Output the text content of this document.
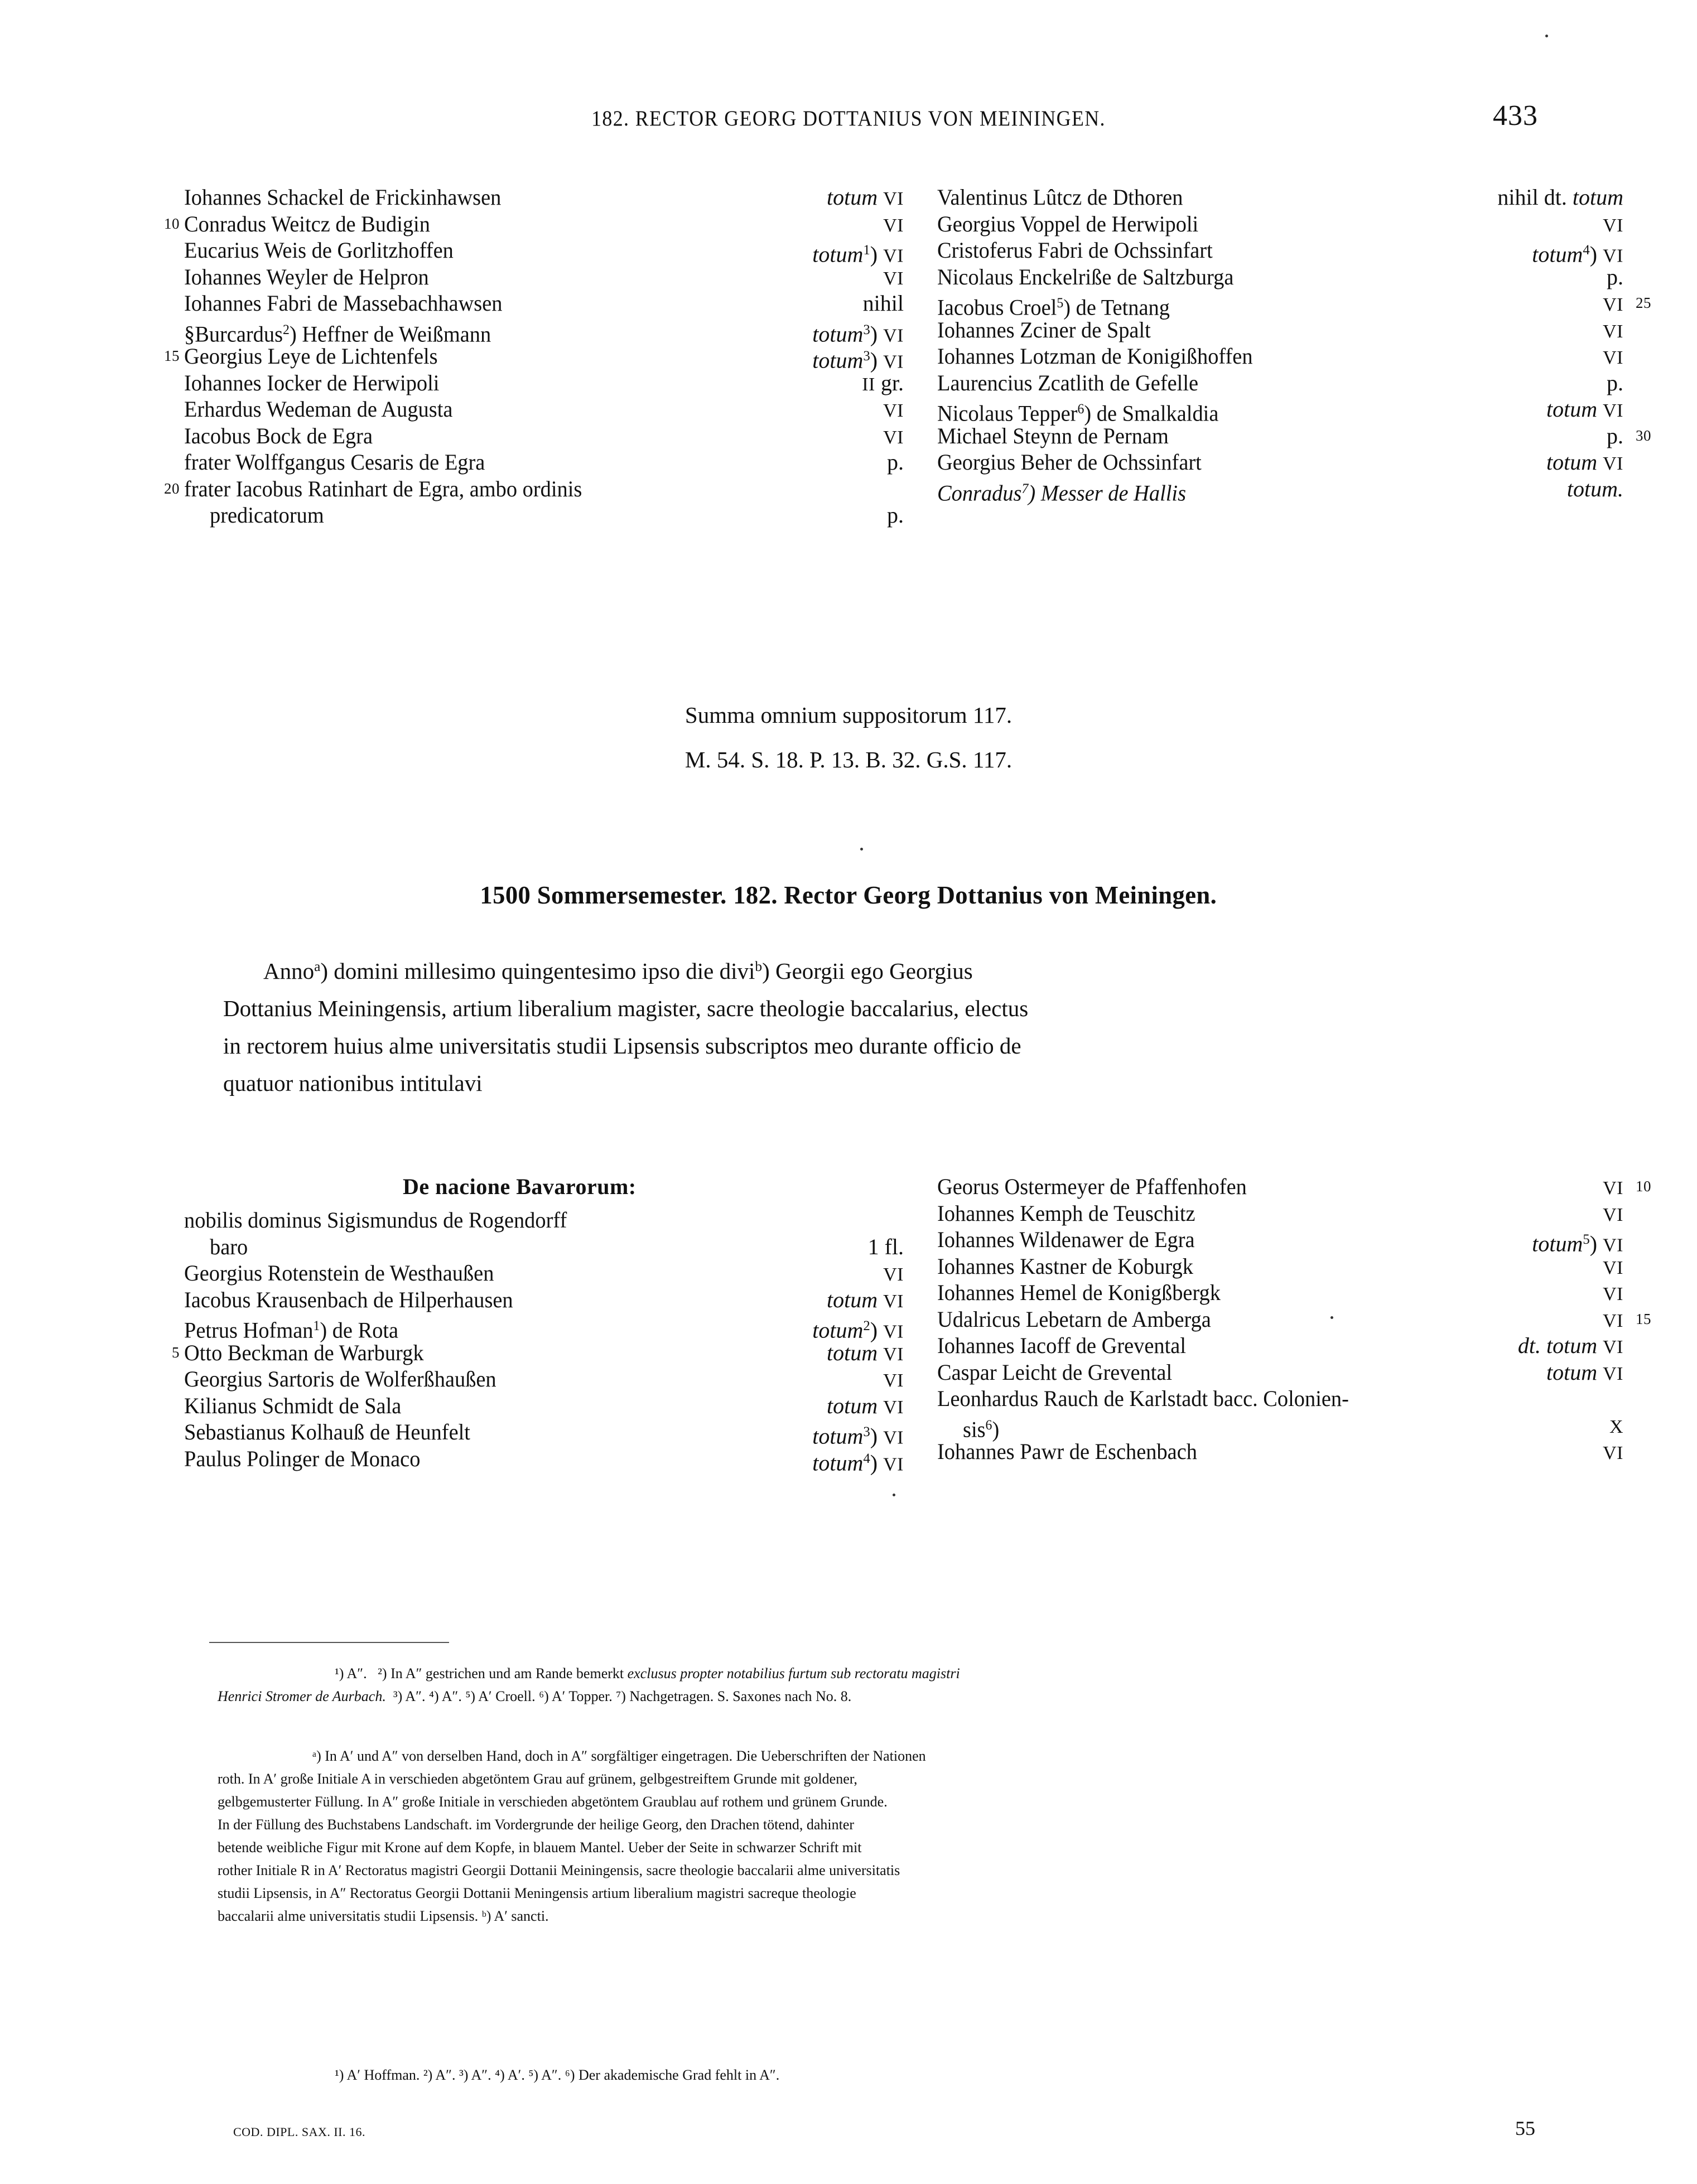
182. RECTOR GEORG DOTTANIUS VON MEININGEN.	433
Iohannes Schackel de Frickinhawsen	totum VI
10 Conradus Weitcz de Budigin	VI
Eucarius Weis de Gorlitzhoffen	totum$^1$) VI
Iohannes Weyler de Helpron	VI
Iohannes Fabri de Massebachhawsen	nihil
§Burcardus$^2$) Heffner de Weißmann	totum$^3$) VI
15 Georgius Leye de Lichtenfels	totum$^3$) VI
Iohannes Iocker de Herwipoli	II gr.
Erhardus Wedeman de Augusta	VI
Iacobus Bock de Egra	VI
frater Wolffgangus Cesaris de Egra	p.
20 frater Iacobus Ratinhart de Egra, ambo ordinis
predicatorum	p.
Valentinus Lûtcz de Dthoren	nihil dt. totum
Georgius Voppel de Herwipoli	VI
Cristoferus Fabri de Ochssinfart	totum$^4$) VI
Nicolaus Enckelriße de Saltzburga	p.
25
Iacobus Croel$^5$) de Tetnang	VI
Iohannes Zciner de Spalt	VI
Iohannes Lotzman de Konigißhoffen	VI
Laurencius Zcatlith de Gefelle	p.
Nicolaus Tepper$^6$) de Smalkaldia	totum VI
30
Michael Steynn de Pernam	p.
Georgius Beher de Ochssinfart	totum VI
Conradus$^7$) Messer de Hallis	totum.
Summa omnium suppositorum 117.
M. 54. S. 18. P. 13. B. 32. G.S. 117.
1500 Sommersemester. 182. Rector Georg Dottanius von Meiningen.
Anno$^a$) domini millesimo quingentesimo ipso die divi$^b$) Georgii ego Georgius
Dottanius Meiningensis, artium liberalium magister, sacre theologie baccalarius, electus
in rectorem huius alme universitatis studii Lipsensis subscriptos meo durante officio de
quatuor nationibus intitulavi
De nacione Bavarorum:
nobilis dominus Sigismundus de Rogendorff
baro	1 fl.
Georgius Rotenstein de Westhaußen	VI
Iacobus Krausenbach de Hilperhausen	totum VI
Petrus Hofman$^1$) de Rota	totum$^2$) VI
5 Otto Beckman de Warburgk	totum VI
Georgius Sartoris de Wolferßhaußen	VI
Kilianus Schmidt de Sala	totum VI
Sebastianus Kolhauß de Heunfelt	totum$^3$) VI
Paulus Polinger de Monaco	totum$^4$) VI
10
Georus Ostermeyer de Pfaffenhofen	VI
Iohannes Kemph de Teuschitz	VI
Iohannes Wildenawer de Egra	totum$^5$) VI
Iohannes Kastner de Koburgk	VI
Iohannes Hemel de Konigßbergk	VI
15
Udalricus Lebetarn de Amberga	VI
Iohannes Iacoff de Grevental	dt. totum VI
Caspar Leicht de Grevental	totum VI
Leonhardus Rauch de Karlstadt bacc. Colonien-
sis$^6$)	X
Iohannes Pawr de Eschenbach	VI
¹) A″. ²) In A″ gestrichen und am Rande bemerkt exclusus propter notabilius furtum sub rectoratu magistri
Henrici Stromer de Aurbach. ³) A″. ⁴) A″. ⁵) A′ Croell. ⁶) A′ Topper. ⁷) Nachgetragen. S. Saxones nach No. 8.
ᵃ) In A′ und A″ von derselben Hand, doch in A″ sorgfältiger eingetragen. Die Ueberschriften der Nationen
roth. In A′ große Initiale A in verschieden abgetöntem Grau auf grünem, gelbgestreiftem Grunde mit goldener,
gelbgemusterter Füllung. In A″ große Initiale in verschieden abgetöntem Graublau auf rothem und grünem Grunde.
In der Füllung des Buchstabens Landschaft. im Vordergrunde der heilige Georg, den Drachen tötend, dahinter
betende weibliche Figur mit Krone auf dem Kopfe, in blauem Mantel. Ueber der Seite in schwarzer Schrift mit
rother Initiale R in A′ Rectoratus magistri Georgii Dottanii Meiningensis, sacre theologie baccalarii alme universitatis
studii Lipsensis, in A″ Rectoratus Georgii Dottanii Meningensis artium liberalium magistri sacreque theologie
baccalarii alme universitatis studii Lipsensis. ᵇ) A′ sancti.
¹) A′ Hoffman. ²) A″. ³) A″. ⁴) A′. ⁵) A″. ⁶) Der akademische Grad fehlt in A″.
COD. DIPL. SAX. II. 16.	55
